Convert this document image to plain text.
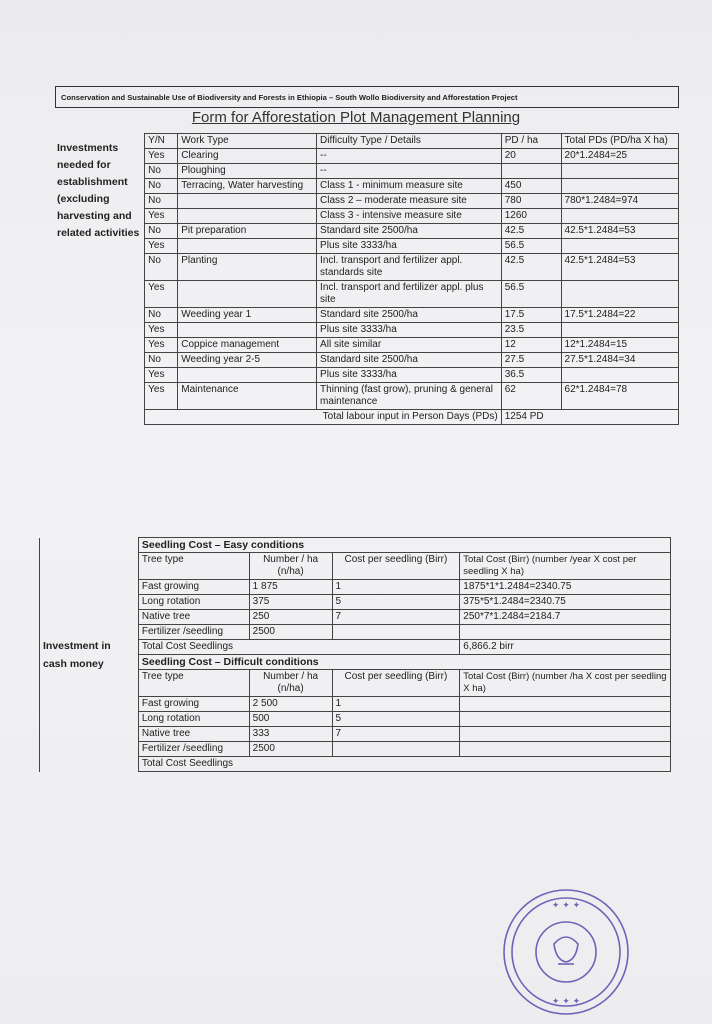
Conservation and Sustainable Use of Biodiversity and Forests in Ethiopia – South Wollo Biodiversity and Afforestation Project
Form for Afforestation Plot Management Planning
Investments needed for establishment (excluding harvesting and related activities	Y/N	Work Type	Difficulty Type / Details	PD / ha	Total PDs (PD/ha X ha)
	Yes	Clearing	--	20	20*1.2484=25
	No	Ploughing	--		
	No	Terracing, Water harvesting	Class 1 - minimum measure site	450	
	No		Class 2 – moderate measure site	780	780*1.2484=974
	Yes		Class 3 - intensive measure site	1260	
	No	Pit preparation	Standard site 2500/ha	42.5	42.5*1.2484=53
	Yes		Plus site 3333/ha	56.5	
	No	Planting	Incl. transport and fertilizer appl. standards site	42.5	42.5*1.2484=53
	Yes		Incl. transport and fertilizer appl. plus site	56.5	
	No	Weeding year 1	Standard site 2500/ha	17.5	17.5*1.2484=22
	Yes		Plus site 3333/ha	23.5	
	Yes	Coppice management	All site similar	12	12*1.2484=15
	No	Weeding year 2-5	Standard site 2500/ha	27.5	27.5*1.2484=34
	Yes		Plus site 3333/ha	36.5	
	Yes	Maintenance	Thinning (fast grow), pruning & general maintenance	62	62*1.2484=78
	Total labour input in Person Days (PDs)			1254 PD	
Investment in cash money	Seedling Cost – Easy conditions			
	Tree type	Number / ha (n/ha)	Cost per seedling (Birr)	Total Cost (Birr) (number /year X cost per seedling X ha)
	Fast growing	1 875	1	1875*1*1.2484=2340.75
	Long rotation	375	5	375*5*1.2484=2340.75
	Native tree	250	7	250*7*1.2484=2184.7
	Fertilizer /seedling	2500		
	Total Cost Seedlings			6,866.2 birr
	Seedling Cost – Difficult conditions			
	Tree type	Number / ha (n/ha)	Cost per seedling (Birr)	Total Cost (Birr) (number /ha X cost per seedling X ha)
	Fast growing	2 500	1	
	Long rotation	500	5	
	Native tree	333	7	
	Fertilizer /seedling	2500		
	Total Cost Seedlings			
✦ ✦ ✦
✦ ✦ ✦
